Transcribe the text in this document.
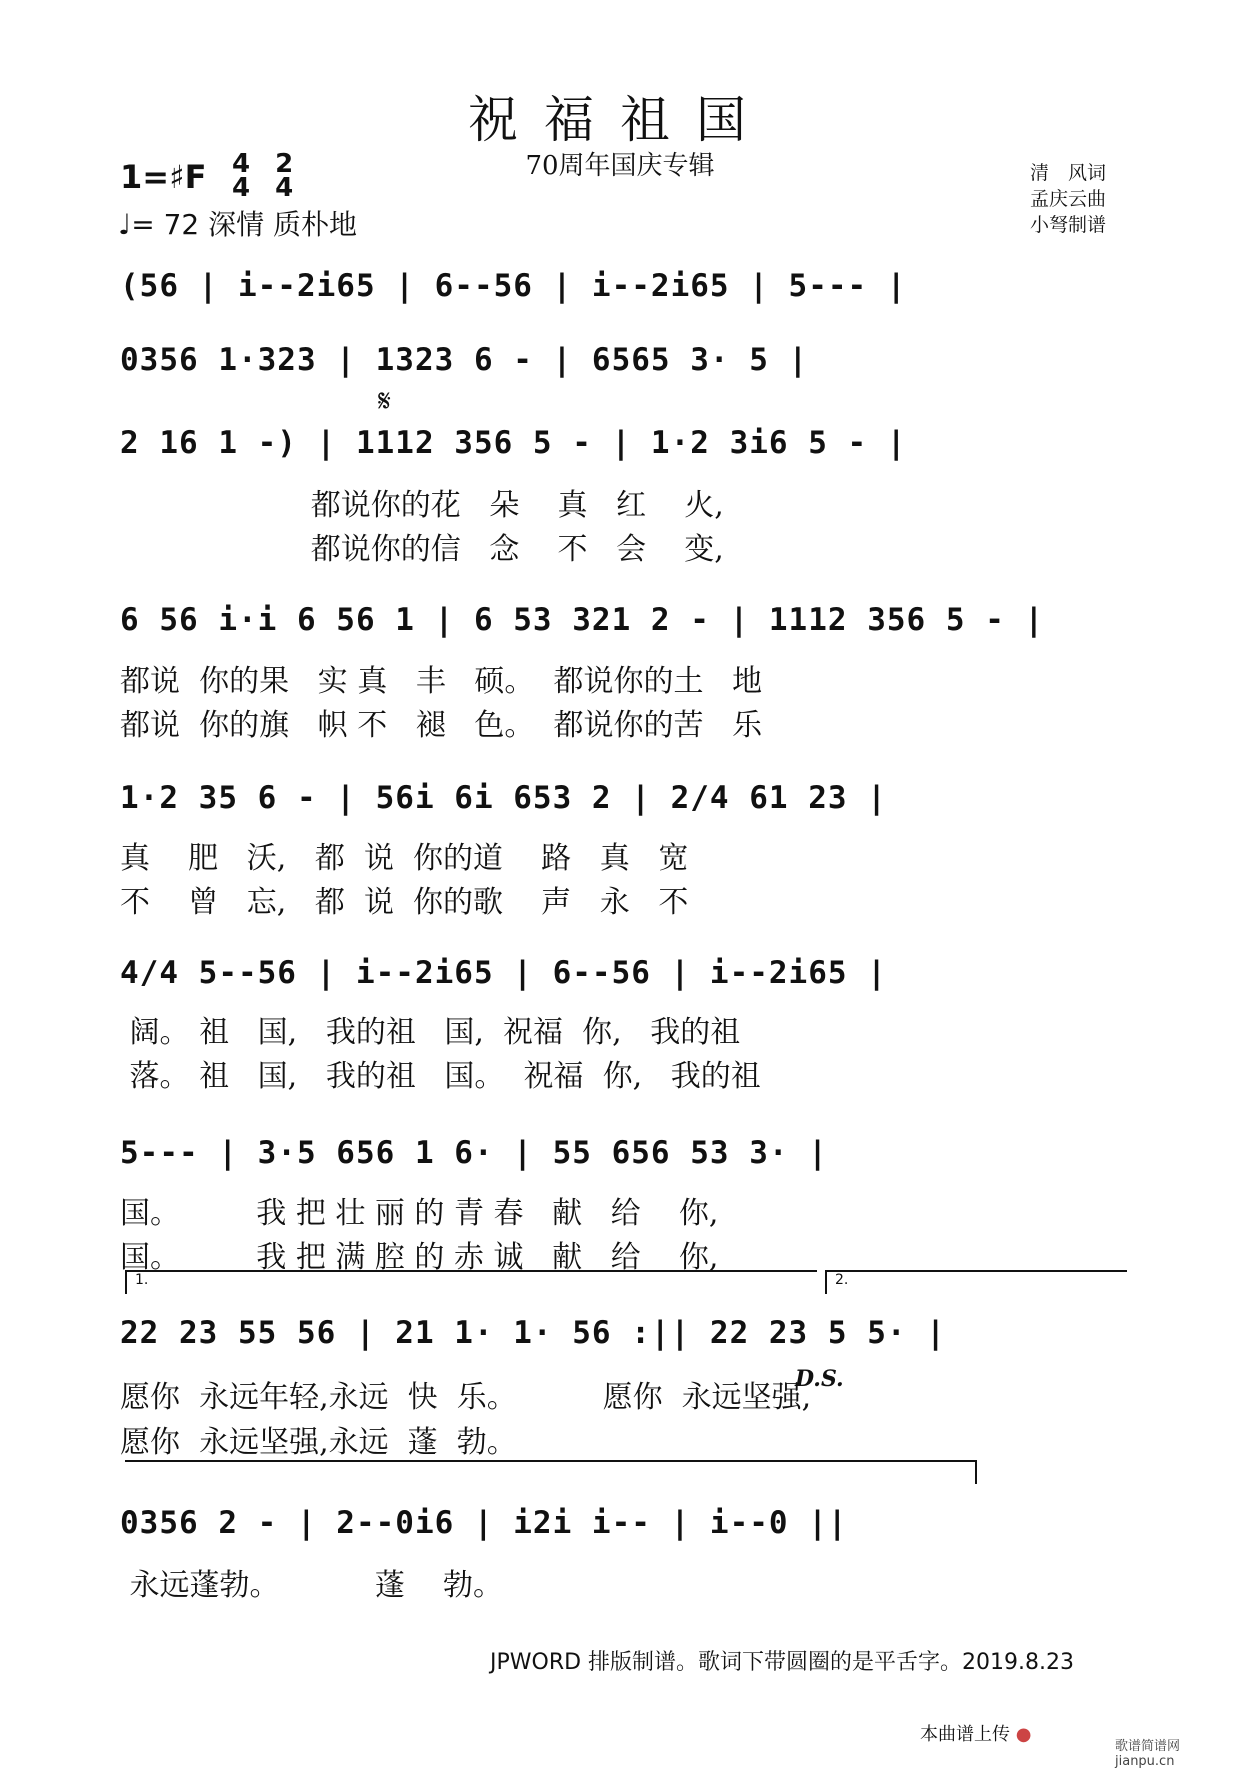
祝福祖国
70周年国庆专辑
1=♯F 4
4

2
4
♩= 72 深情 质朴地
清　风词
孟庆云曲
小弩制谱
𝄋
D.S.
1.	2.
(56 | i--2i65 | 6--56 | i--2i65 | 5--- |
0356 1·323 | 1323 6 - | 6565 3· 5 |
2 16 1 -) | 1112 356 5 - | 1·2 3i6 5 - |
都说你的花   朵    真   红    火,
都说你的信   念    不   会    变,
6 56 i·i 6 56 1 | 6 53 321 2 - | 1112 356 5 - |
都说  你的果   实 真   丰   硕。  都说你的土   地
都说  你的旗   帜 不   褪   色。  都说你的苦   乐
1·2 35 6 - | 56i 6i 653 2 | 2/4 61 23 |
真    肥   沃,   都  说  你的道    路   真   宽
不    曾   忘,   都  说  你的歌    声   永   不
4/4 5--56 | i--2i65 | 6--56 | i--2i65 |
阔。 祖   国,   我的祖   国,  祝福  你,   我的祖
落。 祖   国,   我的祖   国。  祝福  你,   我的祖
5--- | 3·5 656 1 6· | 55 656 53 3· |
国。        我 把 壮 丽 的 青 春   献   给    你,
国。        我 把 满 腔 的 赤 诚   献   给    你,
22 23 55 56 | 21 1· 1· 56 :|| 22 23 5 5· |
愿你  永远年轻,永远  快  乐。         愿你  永远坚强,
愿你  永远坚强,永远  蓬  勃。
0356 2 - | 2--0i6 | i2i i-- | i--0 ||
永远蓬勃。          蓬    勃。
JPWORD 排版制谱。歌词下带圆圈的是平舌字。2019.8.23
本曲谱上传 ●
歌谱简谱网 jianpu.cn
